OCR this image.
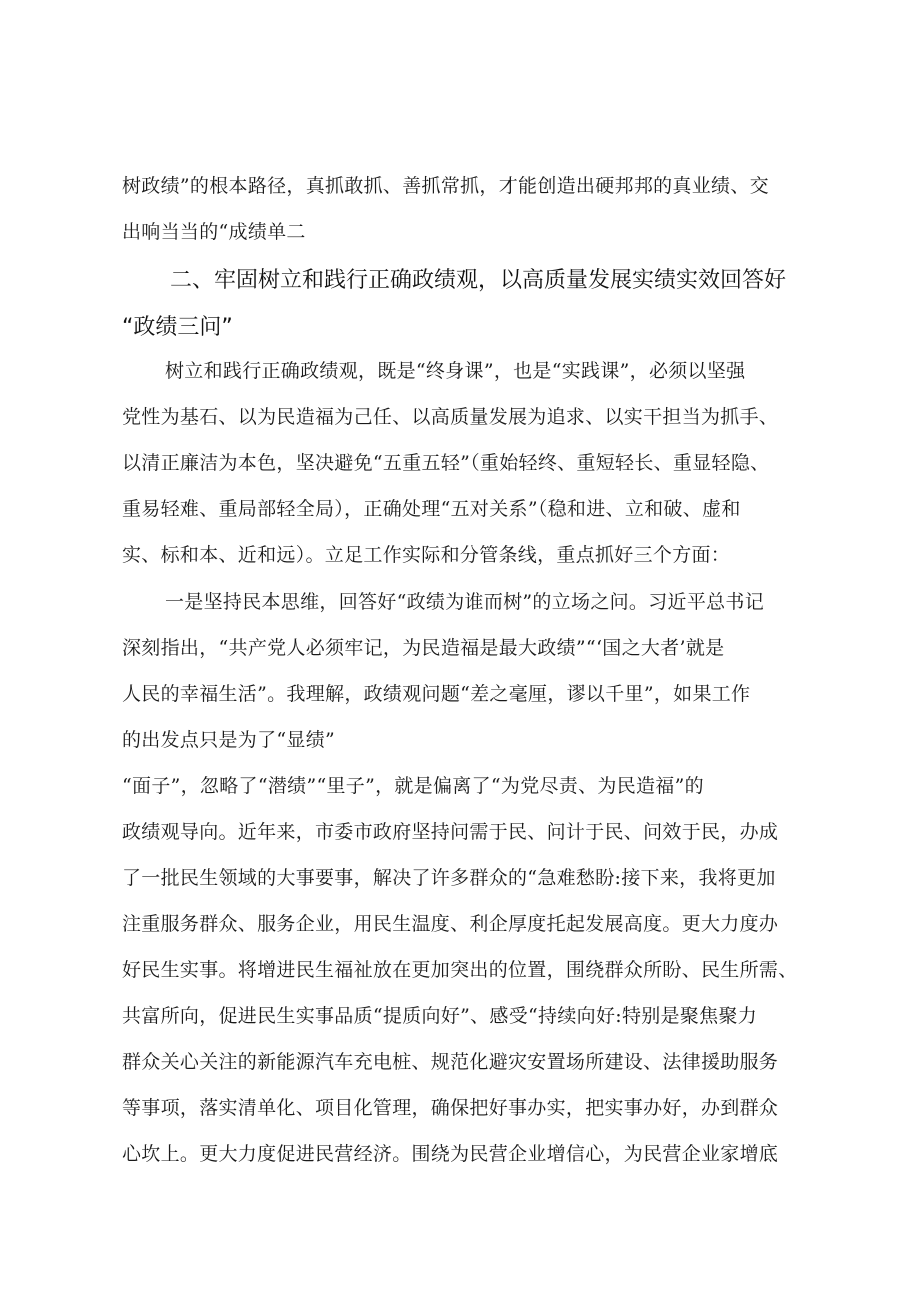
树政绩”的根本路径，真抓敢抓、善抓常抓，才能创造出硬邦邦的真业绩、交
出响当当的“成绩单二
二、牢固树立和践行正确政绩观，以高质量发展实绩实效回答好
“政绩三问”
树立和践行正确政绩观，既是“终身课”，也是“实践课”，必须以坚强
党性为基石、以为民造福为己任、以高质量发展为追求、以实干担当为抓手、
以清正廉洁为本色，坚决避免“五重五轻”（重始轻终、重短轻长、重显轻隐、
重易轻难、重局部轻全局），正确处理“五对关系”（稳和进、立和破、虚和
实、标和本、近和远）。立足工作实际和分管条线，重点抓好三个方面：
一是坚持民本思维，回答好“政绩为谁而树”的立场之问。习近平总书记
深刻指出，“共产党人必须牢记，为民造福是最大政绩”“‘国之大者’就是
人民的幸福生活”。我理解，政绩观问题“差之毫厘，谬以千里”，如果工作
的出发点只是为了“显绩”
“面子”，忽略了“潜绩”“里子”，就是偏离了“为党尽责、为民造福”的
政绩观导向。近年来，市委市政府坚持问需于民、问计于民、问效于民，办成
了一批民生领域的大事要事，解决了许多群众的“急难愁盼:接下来，我将更加
注重服务群众、服务企业，用民生温度、利企厚度托起发展高度。更大力度办
好民生实事。将增进民生福祉放在更加突出的位置，围绕群众所盼、民生所需、
共富所向，促进民生实事品质“提质向好”、感受“持续向好:特别是聚焦聚力
群众关心关注的新能源汽车充电桩、规范化避灾安置场所建设、法律援助服务
等事项，落实清单化、项目化管理，确保把好事办实，把实事办好，办到群众
心坎上。更大力度促进民营经济。围绕为民营企业增信心，为民营企业家增底
